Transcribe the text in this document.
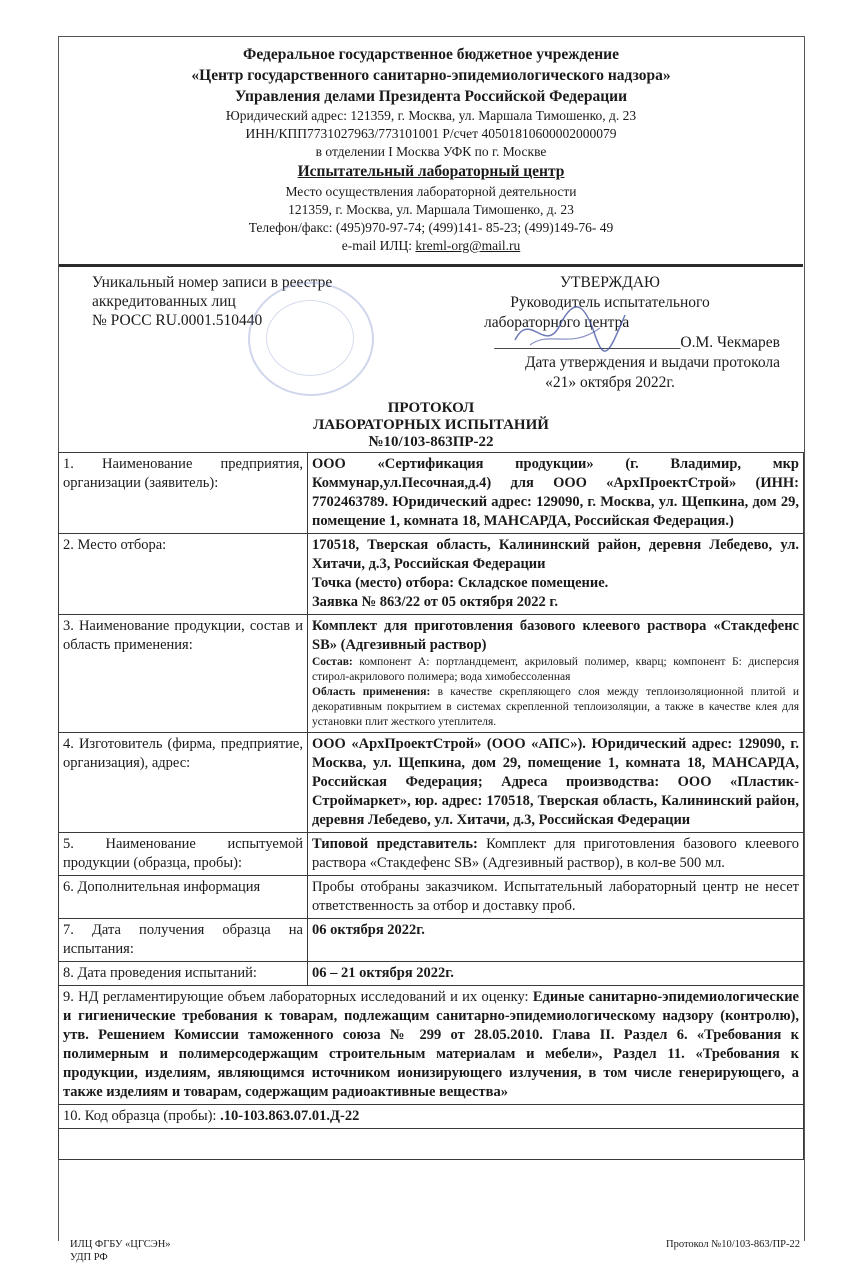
Федеральное государственное бюджетное учреждение
«Центр государственного санитарно-эпидемиологического надзора»
Управления делами Президента Российской Федерации
Юридический адрес: 121359, г. Москва, ул. Маршала Тимошенко, д. 23
ИНН/КПП7731027963/773101001 Р/счет 40501810600002000079
в отделении I Москва УФК по г. Москве
Испытательный лабораторный центр
Место осуществления лабораторной деятельности
121359, г. Москва, ул. Маршала Тимошенко, д. 23
Телефон/факс: (495)970-97-74; (499)141- 85-23; (499)149-76- 49
e-mail ИЛЦ: kreml-org@mail.ru
Уникальный номер записи в реестре
аккредитованных лиц
№ РОСС RU.0001.510440
УТВЕРЖДАЮ
Руководитель испытательного
лабораторного центра
________________________О.М. Чекмарев
Дата утверждения и выдачи протокола
«21» октября 2022г.
ПРОТОКОЛ
ЛАБОРАТОРНЫХ ИСПЫТАНИЙ
№10/103-863ПР-22
1. Наименование предприятия, организации (заявитель):	ООО «Сертификация продукции» (г. Владимир, мкр Коммунар,ул.Песочная,д.4) для ООО «АрхПроектСтрой» (ИНН: 7702463789. Юридический адрес: 129090, г. Москва, ул. Щепкина, дом 29, помещение 1, комната 18, МАНСАРДА, Российская Федерация.)
2. Место отбора:	170518, Тверская область, Калининский район, деревня Лебедево, ул. Хитачи, д.3, Российская Федерации
Точка (место) отбора: Складское помещение.
Заявка № 863/22 от 05 октября 2022 г.

3. Наименование продукции, состав и область применения:	Комплект для приготовления базового клеевого раствора «Стакдефенс SB» (Адгезивный раствор)
Состав: компонент А: портландцемент, акриловый полимер, кварц; компонент Б: дисперсия стирол-акрилового полимера; вода химобессоленная
Область применения: в качестве скрепляющего слоя между теплоизоляционной плитой и декоративным покрытием в системах скрепленной теплоизоляции, а также в качестве клея для установки плит жесткого утеплителя.

4. Изготовитель (фирма, предприятие, организация), адрес:	ООО «АрхПроектСтрой» (ООО «АПС»). Юридический адрес: 129090, г. Москва, ул. Щепкина, дом 29, помещение 1, комната 18, МАНСАРДА, Российская Федерация; Адреса производства: ООО «Пластик-Строймаркет», юр. адрес: 170518, Тверская область, Калининский район, деревня Лебедево, ул. Хитачи, д.3, Российская Федерации
5. Наименование испытуемой продукции (образца, пробы):	Типовой представитель: Комплект для приготовления базового клеевого раствора «Стакдефенс SB» (Адгезивный раствор), в кол-ве 500 мл.
6. Дополнительная информация	Пробы отобраны заказчиком. Испытательный лабораторный центр не несет ответственность за отбор и доставку проб.
7. Дата получения образца на испытания:	06 октября 2022г.
8. Дата проведения испытаний:	06 – 21 октября 2022г.
9. НД регламентирующие объем лабораторных исследований и их оценку: Единые санитарно-эпидемиологические и гигиенические требования к товарам, подлежащим санитарно-эпидемиологическому надзору (контролю), утв. Решением Комиссии таможенного союза № 299 от 28.05.2010. Глава II. Раздел 6. «Требования к полимерным и полимерсодержащим строительным материалам и мебели», Раздел 11. «Требования к продукции, изделиям, являющимся источником ионизирующего излучения, в том числе генерирующего, а также изделиям и товарам, содержащим радиоактивные вещества»	
10. Код образца (пробы): .10-103.863.07.01.Д-22	

ИЛЦ ФГБУ «ЦГСЭН»
УДП РФ
Протокол №10/103-863/ПР-22
